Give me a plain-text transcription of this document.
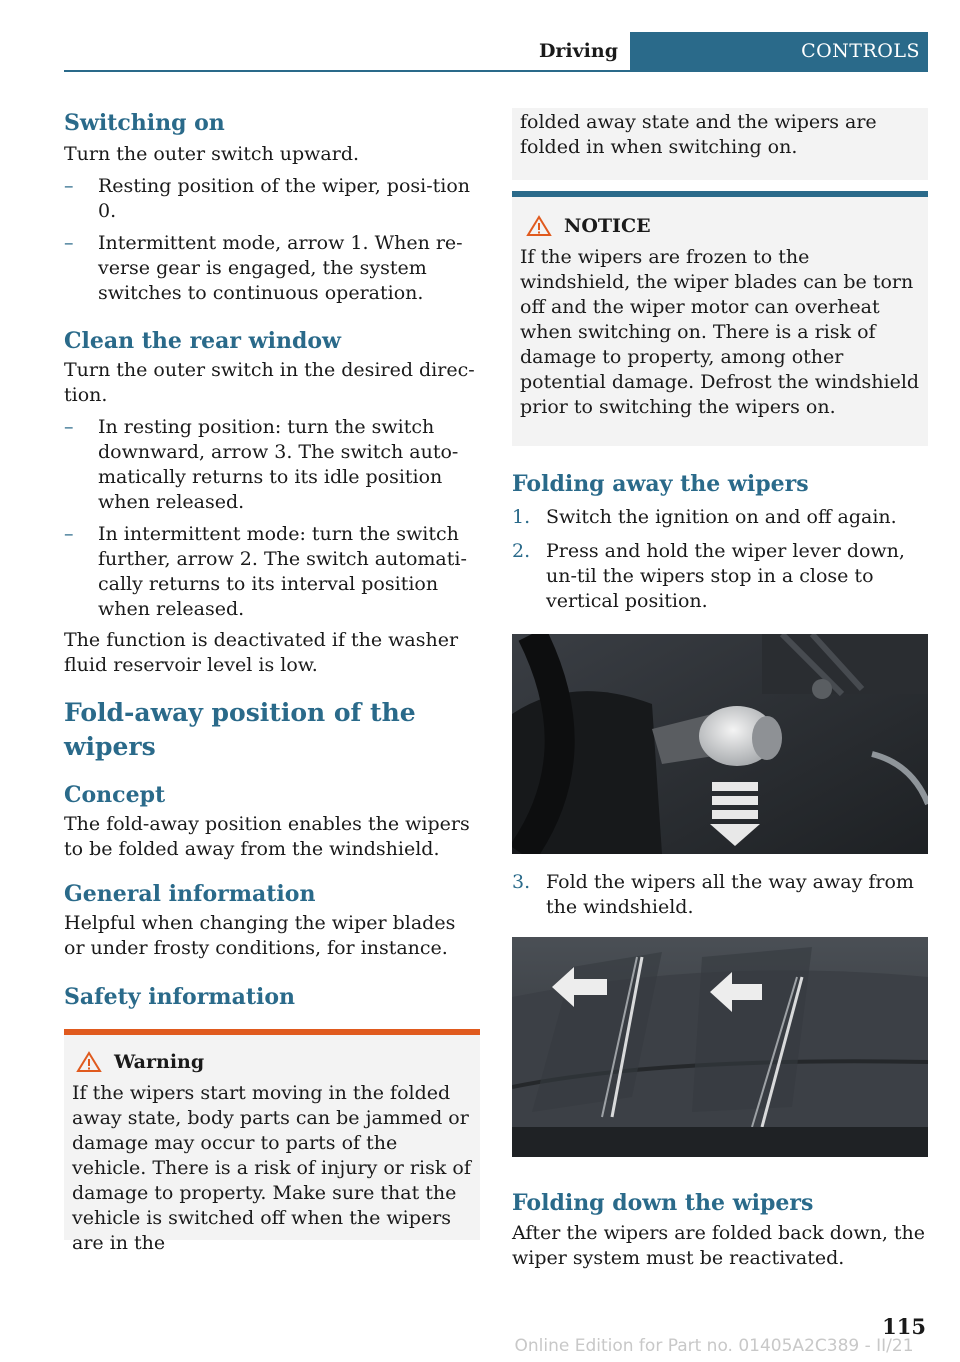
Driving	CONTROLS
Switching on

Turn the outer switch upward.

– Resting position of the wiper, posi-tion 0.

– Intermittent mode, arrow 1. When re-verse gear is engaged, the system switches to continuous operation.

Clean the rear window

Turn the outer switch in the desired direc-tion.

– In resting position: turn the switch downward, arrow 3. The switch auto-matically returns to its idle position when released.

– In intermittent mode: turn the switch further, arrow 2. The switch automati-cally returns to its interval position when released.

The function is deactivated if the washer fluid reservoir level is low.

Fold-away position of the wipers
Concept

The fold-away position enables the wipers to be folded away from the windshield.

General information

Helpful when changing the wiper blades or under frosty conditions, for instance.

Safety information
Warning

If the wipers start moving in the folded away state, body parts can be jammed or damage may occur to parts of the vehicle. There is a risk of injury or risk of damage to property. Make sure that the vehicle is switched off when the wipers are in the

folded away state and the wipers are folded in when switching on.

NOTICE

If the wipers are frozen to the windshield, the wiper blades can be torn off and the wiper motor can overheat when switching on. There is a risk of damage to property, among other potential damage. Defrost the windshield prior to switching the wipers on.

Folding away the wipers

1. Switch the ignition on and off again.

2. Press and hold the wiper lever down, un-til the wipers stop in a close to vertical position.

3. Fold the wipers all the way away from the windshield.

Folding down the wipers

After the wipers are folded back down, the wiper system must be reactivated.

115
Online Edition for Part no. 01405A2C389 - II/21
